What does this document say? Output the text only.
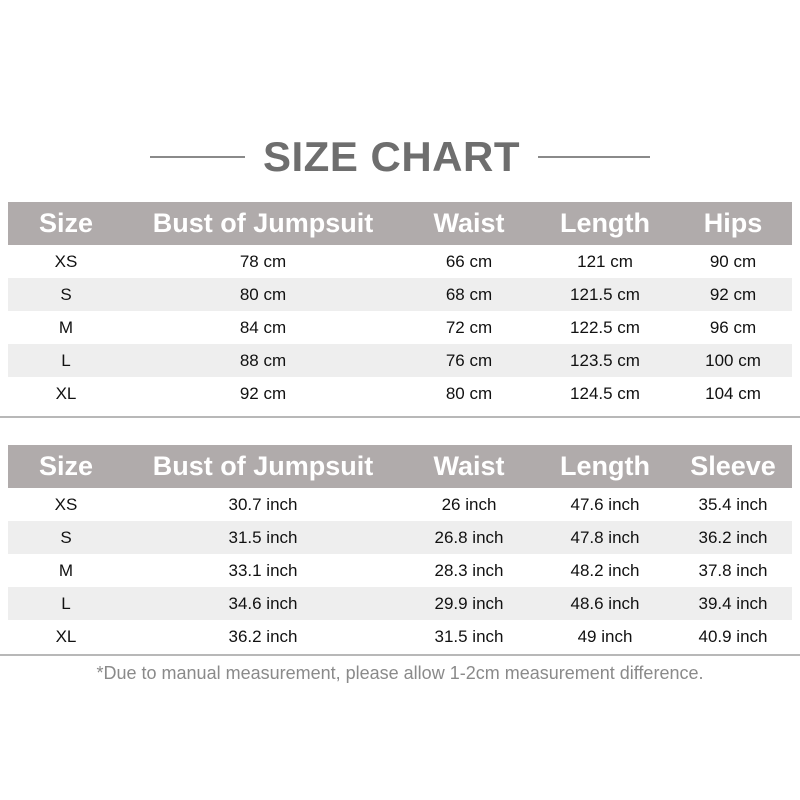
SIZE CHART
Size	Bust of Jumpsuit	Waist	Length	Hips
XS	78 cm	66 cm	121 cm	90 cm
S	80 cm	68 cm	121.5 cm	92 cm
M	84 cm	72 cm	122.5 cm	96 cm
L	88 cm	76 cm	123.5 cm	100 cm
XL	92 cm	80 cm	124.5 cm	104 cm
Size	Bust of Jumpsuit	Waist	Length	Sleeve
XS	30.7 inch	26 inch	47.6 inch	35.4 inch
S	31.5 inch	26.8 inch	47.8 inch	36.2 inch
M	33.1 inch	28.3 inch	48.2 inch	37.8 inch
L	34.6 inch	29.9 inch	48.6 inch	39.4 inch
XL	36.2 inch	31.5 inch	49 inch	40.9 inch
*Due to manual measurement, please allow 1-2cm measurement difference.
